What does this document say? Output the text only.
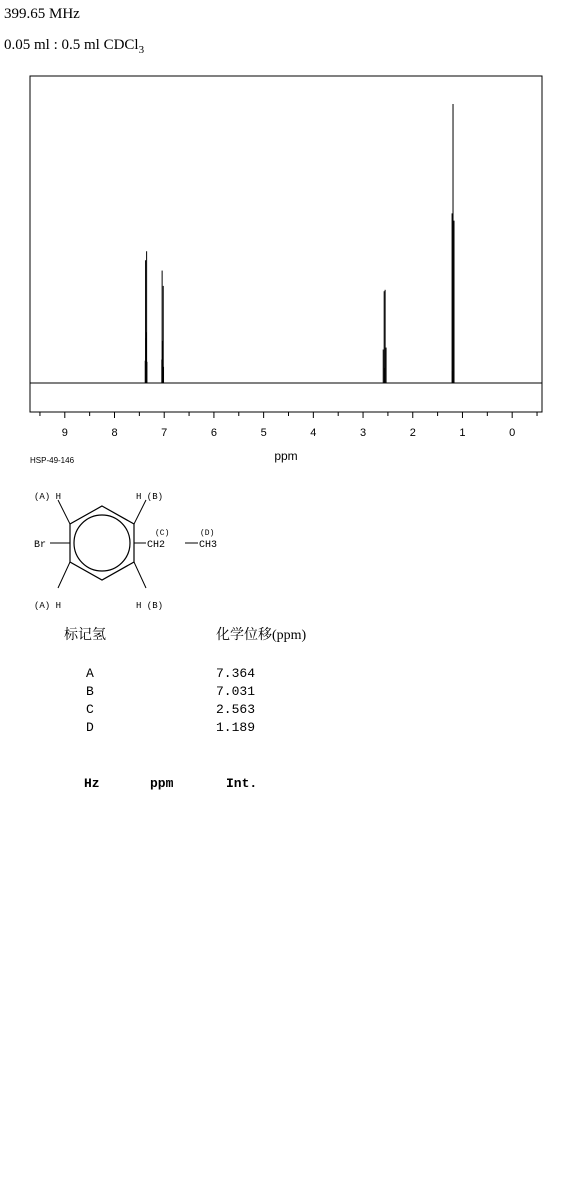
399.65 MHz
0.05 ml : 0.5 ml CDCl$_3$
9	8	7	6	5	4	3	2	1	0
ppm
HSP-49-146
(A) H	H (B)
(A) H	H (B)
Br
(C)	(D)
CH2	CH3
标记氢	化学位移(ppm)
A	7.364
B	7.031
C	2.563
D	1.189
Hz	ppm	Int.
